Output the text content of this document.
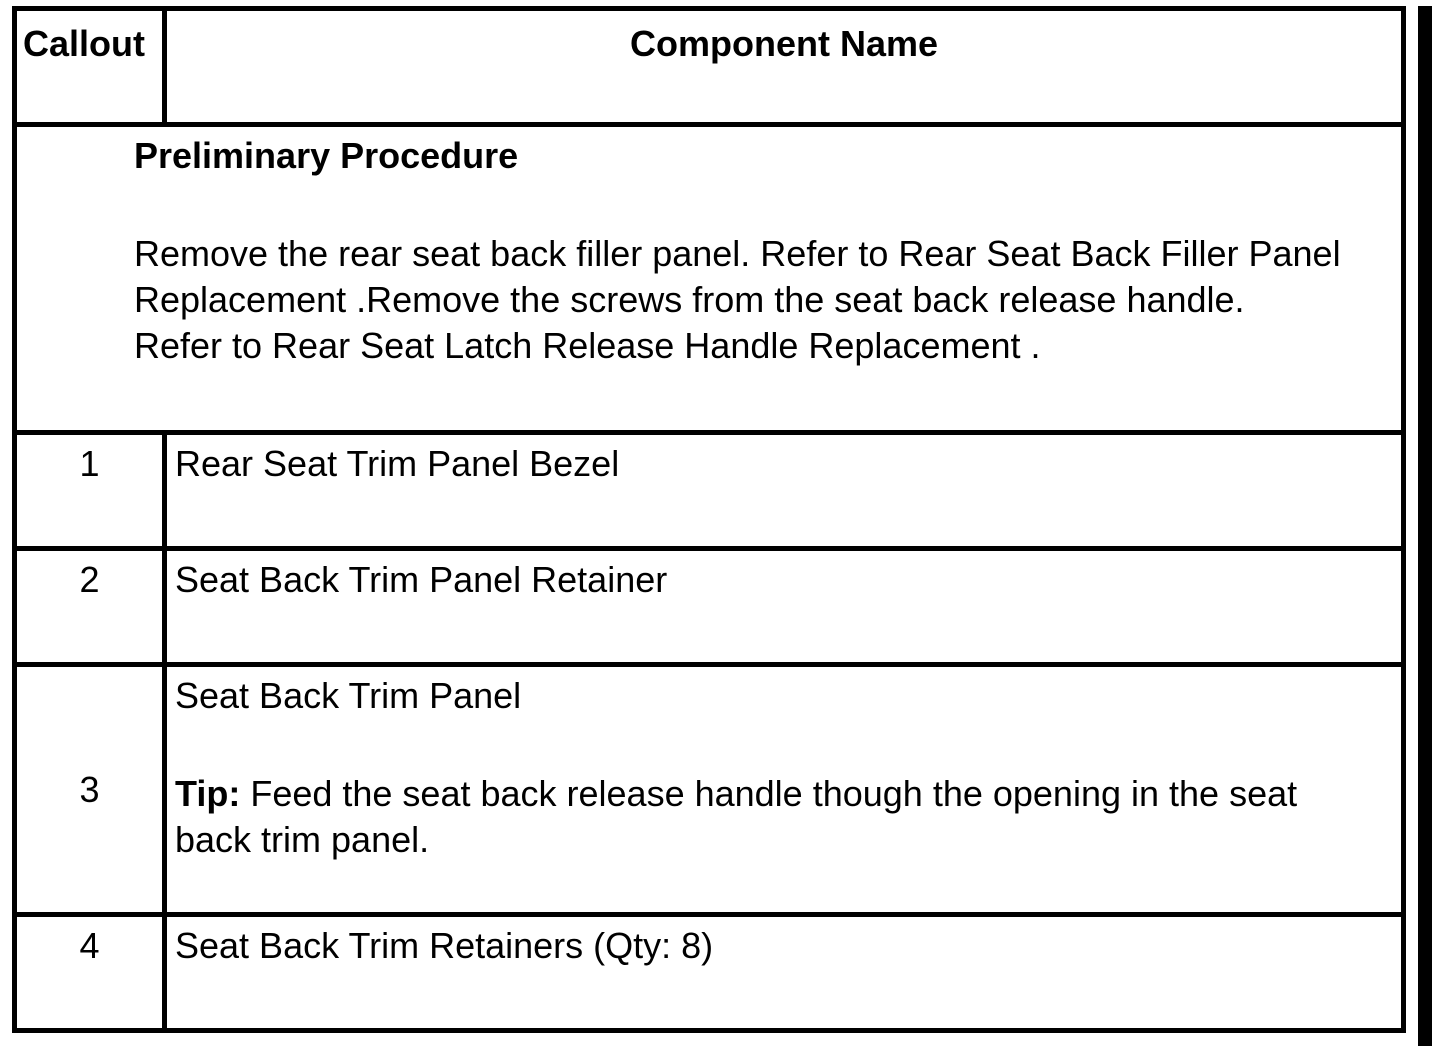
Callout	Component Name

Preliminary Procedure

Remove the rear seat back filler panel. Refer to Rear Seat Back Filler Panel Replacement .Remove the screws from the seat back release handle. Refer to Rear Seat Latch Release Handle Replacement .	

1	Rear Seat Trim Panel Bezel
2	Seat Back Trim Panel Retainer
3	Seat Back Trim Panel
Tip: Feed the seat back release handle though the opening in the seat back trim panel.

4	Seat Back Trim Retainers (Qty: 8)
